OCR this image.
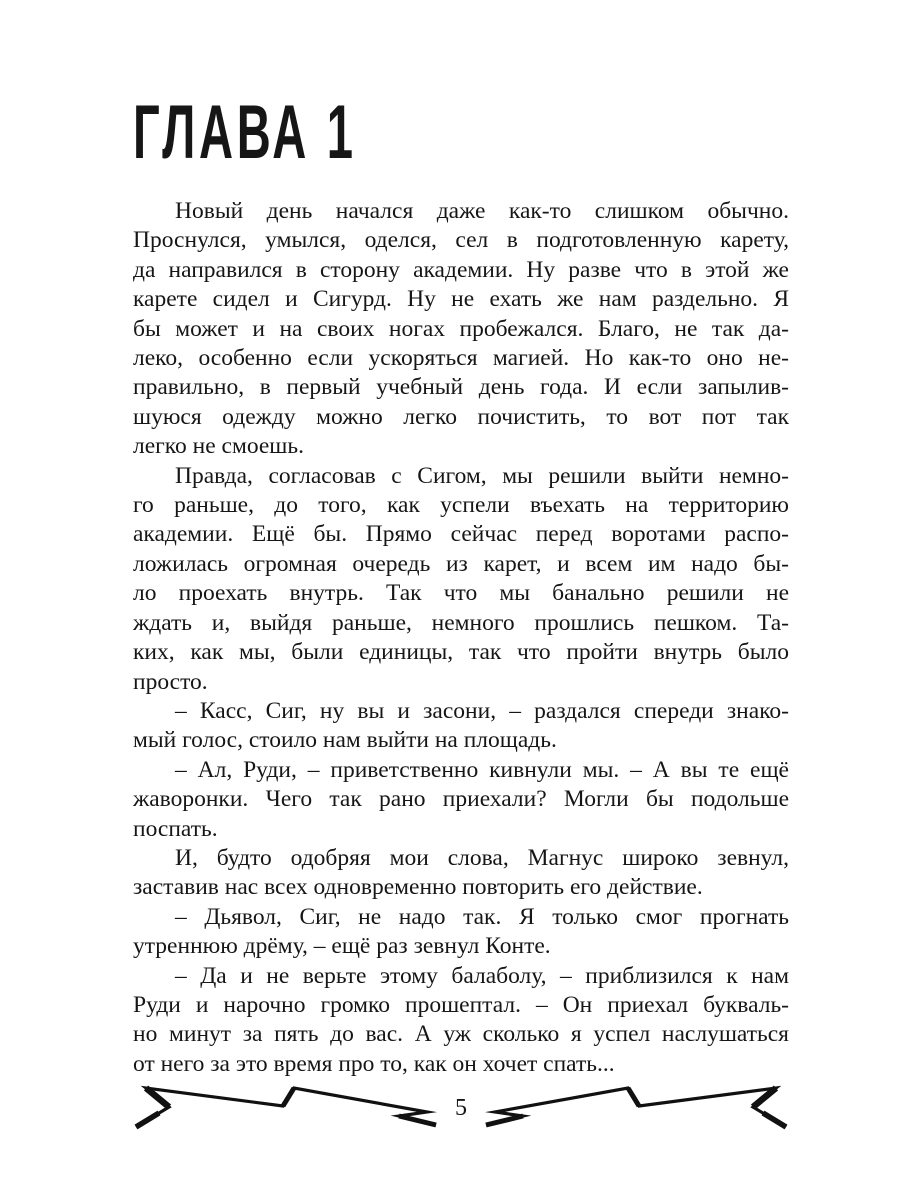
ГЛАВА 1
Новый день начался даже как-то слишком обычно.
Проснулся, умылся, оделся, сел в подготовленную карету,
да направился в сторону академии. Ну разве что в этой же
карете сидел и Сигурд. Ну не ехать же нам раздельно. Я
бы может и на своих ногах пробежался. Благо, не так да-
леко, особенно если ускоряться магией. Но как-то оно не-
правильно, в первый учебный день года. И если запылив-
шуюся одежду можно легко почистить, то вот пот так
легко не смоешь.
Правда, согласовав с Сигом, мы решили выйти немно-
го раньше, до того, как успели въехать на территорию
академии. Ещё бы. Прямо сейчас перед воротами распо-
ложилась огромная очередь из карет, и всем им надо бы-
ло проехать внутрь. Так что мы банально решили не
ждать и, выйдя раньше, немного прошлись пешком. Та-
ких, как мы, были единицы, так что пройти внутрь было
просто.
– Касс, Сиг, ну вы и засони, – раздался спереди знако-
мый голос, стоило нам выйти на площадь.
– Ал, Руди, – приветственно кивнули мы. – А вы те ещё
жаворонки. Чего так рано приехали? Могли бы подольше
поспать.
И, будто одобряя мои слова, Магнус широко зевнул,
заставив нас всех одновременно повторить его действие.
– Дьявол, Сиг, не надо так. Я только смог прогнать
утреннюю дрёму, – ещё раз зевнул Конте.
– Да и не верьте этому балаболу, – приблизился к нам
Руди и нарочно громко прошептал. – Он приехал букваль-
но минут за пять до вас. А уж сколько я успел наслушаться
от него за это время про то, как он хочет спать...
5
